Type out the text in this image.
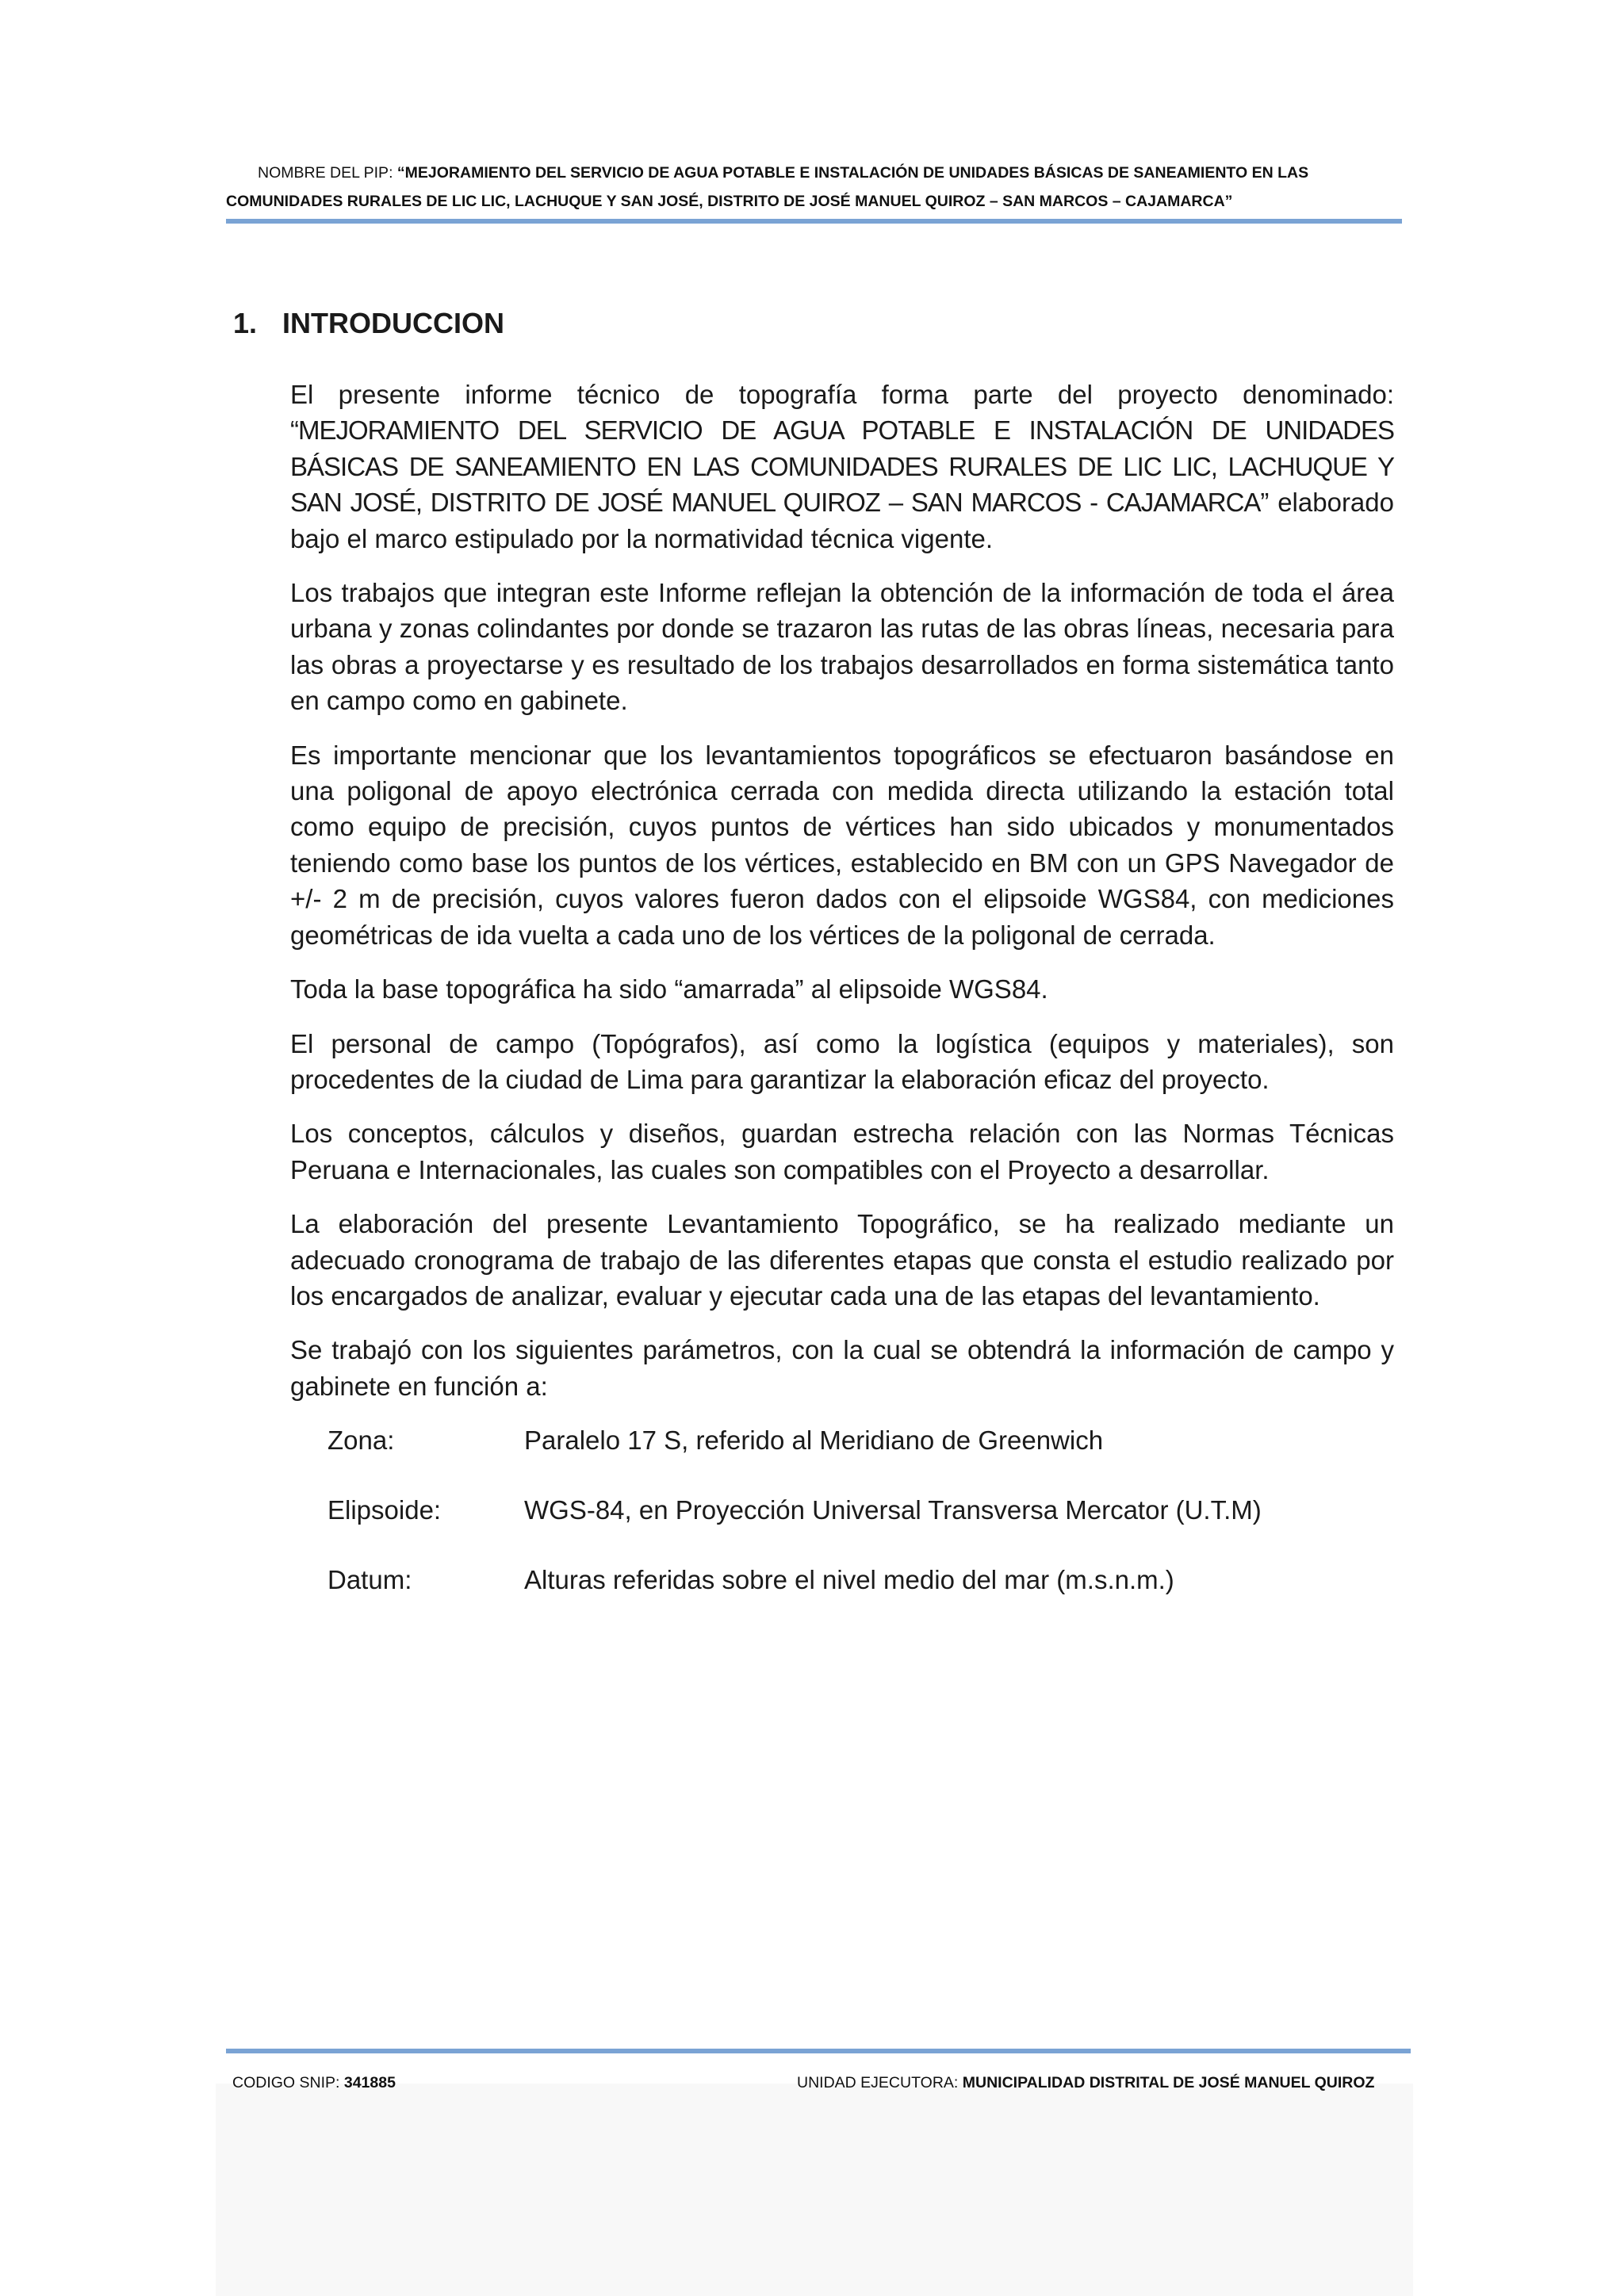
NOMBRE DEL PIP: “MEJORAMIENTO DEL SERVICIO DE AGUA POTABLE E INSTALACIÓN DE UNIDADES BÁSICAS DE SANEAMIENTO EN LAS
COMUNIDADES RURALES DE LIC LIC, LACHUQUE Y SAN JOSÉ, DISTRITO DE JOSÉ MANUEL QUIROZ – SAN MARCOS – CAJAMARCA”
1. INTRODUCCION

El presente informe técnico de topografía forma parte del proyecto denominado: “MEJORAMIENTO DEL SERVICIO DE AGUA POTABLE E INSTALACIÓN DE UNIDADES BÁSICAS DE SANEAMIENTO EN LAS COMUNIDADES RURALES DE LIC LIC, LACHUQUE Y SAN JOSÉ, DISTRITO DE JOSÉ MANUEL QUIROZ – SAN MARCOS - CAJAMARCA” elaborado bajo el marco estipulado por la normatividad técnica vigente.

Los trabajos que integran este Informe reflejan la obtención de la información de toda el área urbana y zonas colindantes por donde se trazaron las rutas de las obras líneas, necesaria para las obras a proyectarse y es resultado de los trabajos desarrollados en forma sistemática tanto en campo como en gabinete.

Es importante mencionar que los levantamientos topográficos se efectuaron basándose en una poligonal de apoyo electrónica cerrada con medida directa utilizando la estación total como equipo de precisión, cuyos puntos de vértices han sido ubicados y monumentados teniendo como base los puntos de los vértices, establecido en BM con un GPS Navegador de +/- 2 m de precisión, cuyos valores fueron dados con el elipsoide WGS84, con mediciones geométricas de ida vuelta a cada uno de los vértices de la poligonal de cerrada.

Toda la base topográfica ha sido “amarrada” al elipsoide WGS84.

El personal de campo (Topógrafos), así como la logística (equipos y materiales), son procedentes de la ciudad de Lima para garantizar la elaboración eficaz del proyecto.

Los conceptos, cálculos y diseños, guardan estrecha relación con las Normas Técnicas Peruana e Internacionales, las cuales son compatibles con el Proyecto a desarrollar.

La elaboración del presente Levantamiento Topográfico, se ha realizado mediante un adecuado cronograma de trabajo de las diferentes etapas que consta el estudio realizado por los encargados de analizar, evaluar y ejecutar cada una de las etapas del levantamiento.

Se trabajó con los siguientes parámetros, con la cual se obtendrá la información de campo y gabinete en función a:

Zona:	Paralelo 17 S, referido al Meridiano de Greenwich
Elipsoide:	WGS-84, en Proyección Universal Transversa Mercator (U.T.M)
Datum:	Alturas referidas sobre el nivel medio del mar (m.s.n.m.)
CODIGO SNIP: 341885	UNIDAD EJECUTORA: MUNICIPALIDAD DISTRITAL DE JOSÉ MANUEL QUIROZ
